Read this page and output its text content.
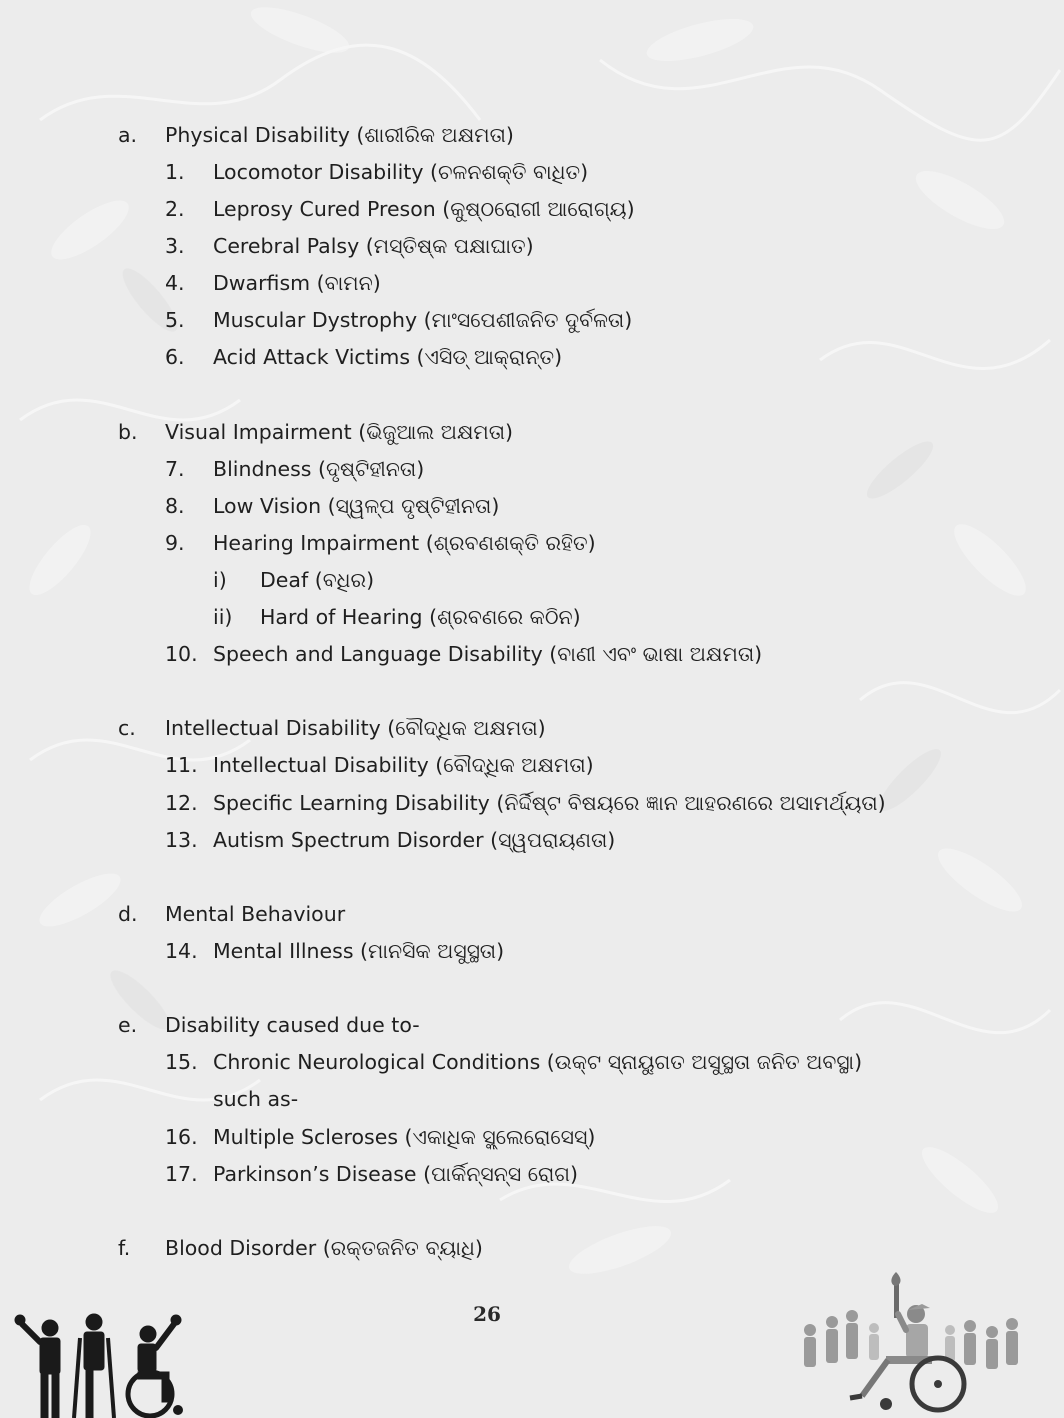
a. Physical Disability (ଶାରୀରିକ ଅକ୍ଷମତା)
1. Locomotor Disability (ଚଳନଶକ୍ତି ବାଧିତ)
2. Leprosy Cured Preson (କୁଷ୍ଠରୋଗୀ ଆରୋଗ୍ୟ)
3. Cerebral Palsy (ମସ୍ତିଷ୍କ ପକ୍ଷାଘାତ)
4. Dwarfism (ବାମନ)
5. Muscular Dystrophy (ମାଂସପେଶୀଜନିତ ଦୁର୍ବଳତା)
6. Acid Attack Victims (ଏସିଡ୍ ଆକ୍ରାନ୍ତ)
b. Visual Impairment (ଭିଜୁଆଲ ଅକ୍ଷମତା)
7. Blindness (ଦୃଷ୍ଟିହୀନତା)
8. Low Vision (ସ୍ୱଳ୍ପ ଦୃଷ୍ଟିହୀନତା)
9. Hearing Impairment (ଶ୍ରବଣଶକ୍ତି ରହିତ)
i) Deaf (ବଧିର)
ii) Hard of Hearing (ଶ୍ରବଣରେ କଠିନ)
10. Speech and Language Disability (ବାଣୀ ଏବଂ ଭାଷା ଅକ୍ଷମତା)
c. Intellectual Disability (ବୌଦ୍ଧିକ ଅକ୍ଷମତା)
11. Intellectual Disability (ବୌଦ୍ଧିକ ଅକ୍ଷମତା)
12. Specific Learning Disability (ନିର୍ଦ୍ଦିଷ୍ଟ ବିଷୟରେ ଜ୍ଞାନ ଆହରଣରେ ଅସାମର୍ଥ୍ୟତା)
13. Autism Spectrum Disorder (ସ୍ୱପରାୟଣତା)
d. Mental Behaviour
14. Mental Illness (ମାନସିକ ଅସୁସ୍ଥତା)
e. Disability caused due to-
15. Chronic Neurological Conditions (ଉକ୍ଟ ସ୍ନାୟୁଗତ ଅସୁସ୍ଥତା ଜନିତ ଅବସ୍ଥା)
such as-
16. Multiple Scleroses (ଏକାଧିକ ସ୍କ୍ଲେରୋସେସ୍)
17. Parkinson’s Disease (ପାର୍କିନ୍‌ସନ୍ସ ରୋଗ)
f. Blood Disorder (ରକ୍ତଜନିତ ବ୍ୟାଧି)
26
